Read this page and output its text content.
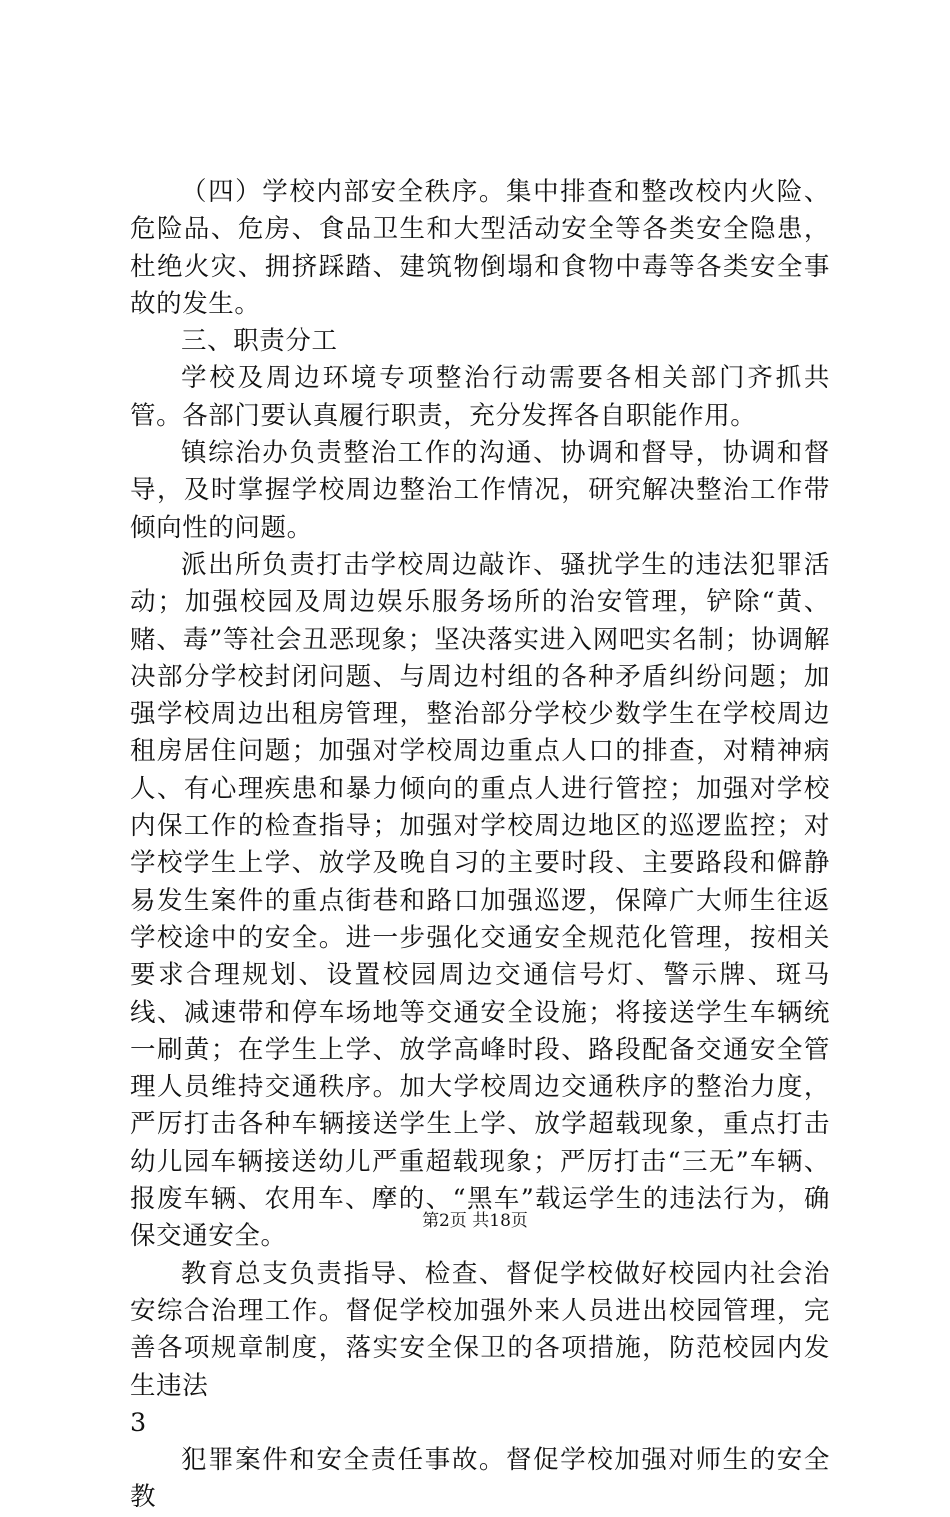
（四）学校内部安全秩序。集中排查和整改校内火险、危险品、危房、食品卫生和大型活动安全等各类安全隐患，杜绝火灾、拥挤踩踏、建筑物倒塌和食物中毒等各类安全事故的发生。

三、职责分工

学校及周边环境专项整治行动需要各相关部门齐抓共管。各部门要认真履行职责，充分发挥各自职能作用。

镇综治办负责整治工作的沟通、协调和督导，协调和督导，及时掌握学校周边整治工作情况，研究解决整治工作带倾向性的问题。

派出所负责打击学校周边敲诈、骚扰学生的违法犯罪活动；加强校园及周边娱乐服务场所的治安管理，铲除“黄、赌、毒”等社会丑恶现象；坚决落实进入网吧实名制；协调解决部分学校封闭问题、与周边村组的各种矛盾纠纷问题；加强学校周边出租房管理，整治部分学校少数学生在学校周边租房居住问题；加强对学校周边重点人口的排查，对精神病人、有心理疾患和暴力倾向的重点人进行管控；加强对学校内保工作的检查指导；加强对学校周边地区的巡逻监控；对学校学生上学、放学及晚自习的主要时段、主要路段和僻静易发生案件的重点街巷和路口加强巡逻，保障广大师生往返学校途中的安全。进一步强化交通安全规范化管理，按相关要求合理规划、设置校园周边交通信号灯、警示牌、斑马线、减速带和停车场地等交通安全设施；将接送学生车辆统一刷黄；在学生上学、放学高峰时段、路段配备交通安全管理人员维持交通秩序。加大学校周边交通秩序的整治力度，严厉打击各种车辆接送学生上学、放学超载现象，重点打击幼儿园车辆接送幼儿严重超载现象；严厉打击“三无”车辆、报废车辆、农用车、摩的、“黑车”载运学生的违法行为，确保交通安全。

教育总支负责指导、检查、督促学校做好校园内社会治安综合治理工作。督促学校加强外来人员进出校园管理，完善各项规章制度，落实安全保卫的各项措施，防范校园内发生违法

3

犯罪案件和安全责任事故。督促学校加强对师生的安全教

第2页 共18页
